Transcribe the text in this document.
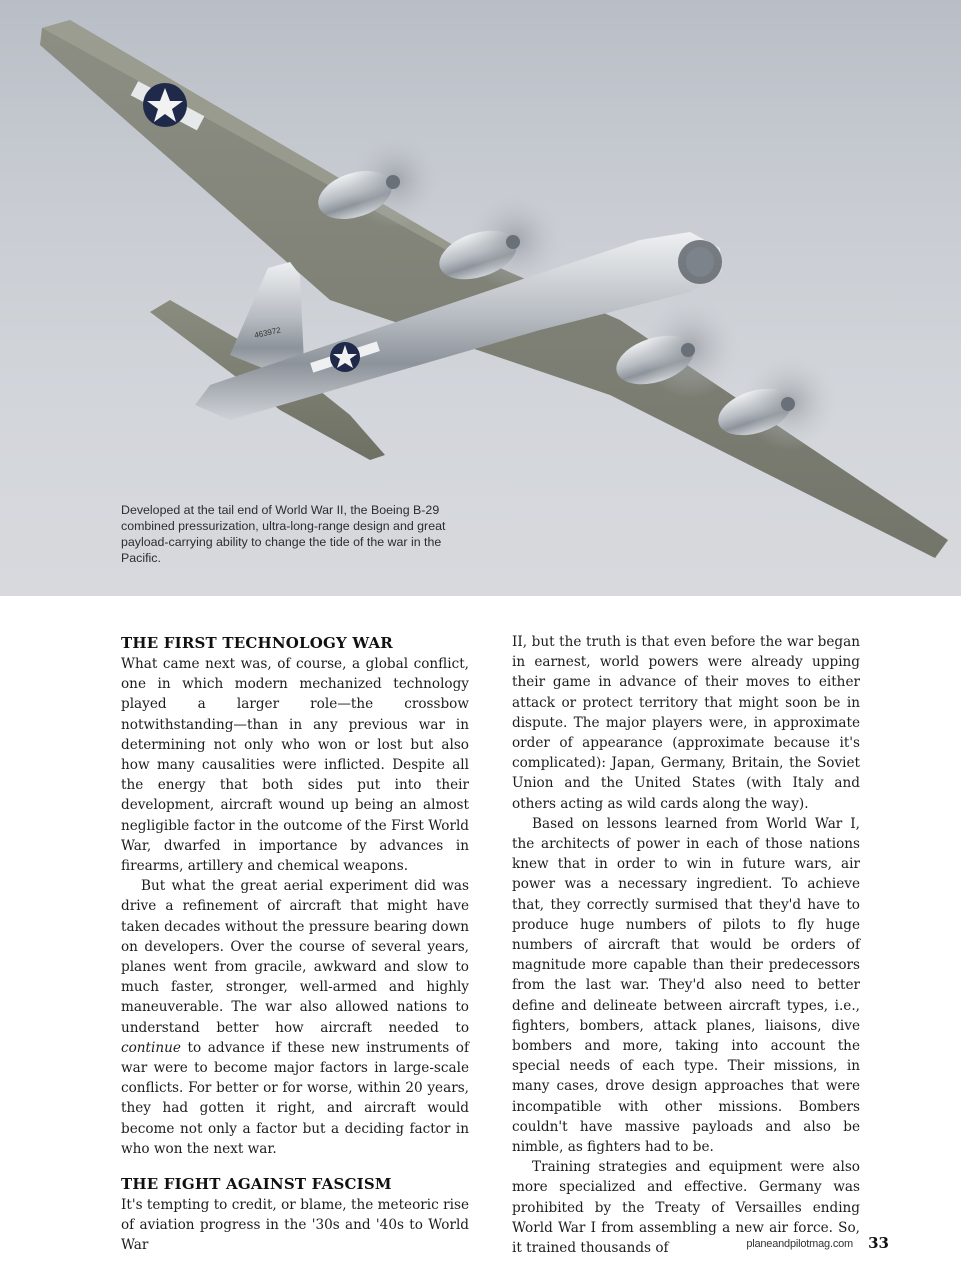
463972

Developed at the tail end of World War II, the Boeing B-29 combined pressurization, ultra-long-range design and great payload-carrying ability to change the tide of the war in the Pacific.

THE FIRST TECHNOLOGY WAR

What came next was, of course, a global conflict, one in which modern mechanized technology played a larger role—the crossbow notwithstanding—than in any previous war in determining not only who won or lost but also how many causalities were inflicted. Despite all the energy that both sides put into their development, aircraft wound up being an almost negligible factor in the outcome of the First World War, dwarfed in importance by advances in firearms, artillery and chemical weapons.

But what the great aerial experiment did was drive a refinement of aircraft that might have taken decades without the pressure bearing down on developers. Over the course of several years, planes went from gracile, awkward and slow to much faster, stronger, well-armed and highly maneuverable. The war also allowed nations to understand better how aircraft needed to continue to advance if these new instruments of war were to become major factors in large-scale conflicts. For better or for worse, within 20 years, they had gotten it right, and aircraft would become not only a factor but a deciding factor in who won the next war.

THE FIGHT AGAINST FASCISM

It's tempting to credit, or blame, the meteoric rise of aviation progress in the '30s and '40s to World War

II, but the truth is that even before the war began in earnest, world powers were already upping their game in advance of their moves to either attack or protect territory that might soon be in dispute. The major players were, in approximate order of appearance (approximate because it's complicated): Japan, Germany, Britain, the Soviet Union and the United States (with Italy and others acting as wild cards along the way).

Based on lessons learned from World War I, the architects of power in each of those nations knew that in order to win in future wars, air power was a necessary ingredient. To achieve that, they correctly surmised that they'd have to produce huge numbers of pilots to fly huge numbers of aircraft that would be orders of magnitude more capable than their predecessors from the last war. They'd also need to better define and delineate between aircraft types, i.e., fighters, bombers, attack planes, liaisons, dive bombers and more, taking into account the special needs of each type. Their missions, in many cases, drove design approaches that were incompatible with other missions. Bombers couldn't have massive payloads and also be nimble, as fighters had to be.

Training strategies and equipment were also more specialized and effective. Germany was prohibited by the Treaty of Versailles ending World War I from assembling a new air force. So, it trained thousands of	planeandpilotmag.com 33
